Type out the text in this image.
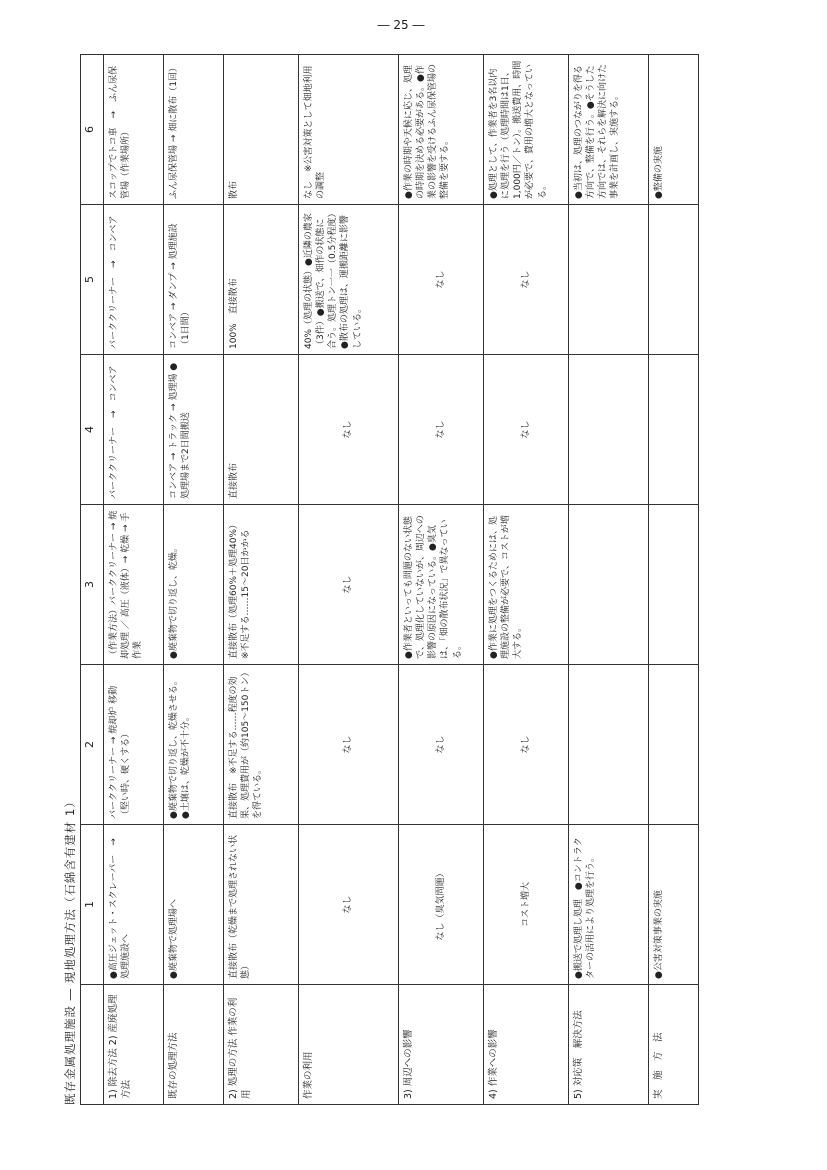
既存金属処理施設 ― 現地処理方法（石綿含有建材 1）
	1	2	3	4	5	6
1) 除去方法 2) 産廃処理方法	●高圧ジェット・スクレーパー　→　処理施設へ	バーククリーナー → 焼却炉 移動（堅い時、硬くする）	（作業方法）バーククリーナー → 焼却処理 ／ 高圧（液体）→ 乾燥 → 手作業	バーククリーナー　→　コンベア	バーククリーナー　→　コンベア	スコップでトコ車　→　ふん尿保管場（作業場所）
既存の処理方法	●廃棄物で処理場へ	●廃棄物で切り返し、乾燥させる。●土壌は、乾燥が不十分。	●廃棄物で切り返し、乾燥。	コンベア → トラック → 処理場 ●処理場まで2日間搬送	コンベア → ダンプ → 処理施設（1日間）	ふん尿保管場 → 畑に散布（1回）
2) 処理の方法 作業の利用	直接散布（乾燥まで処理されない状態）	直接散布　※不足する……程度の効果、処理費用が（約105～150トン）を得ている。	直接散布（処理60%＋処理40%）　※不足する……15～20日かかる	直接散布	100%　直接散布	散布
作業の利用	なし	なし	なし	なし	40%（処理の状態）●近隣の農家（3件）●搬送で、畑作の状態に合う。処理トン一一（0.5分程度）●散布の処理は、運搬距離に影響している。	なし　※公害対策として畑地利用の調整
3) 周辺への影響	なし（臭気問題）	なし	●作業者といっても問題のない状態で、処理化していないが、周辺への影響の原因になっている。●臭気は、「畑の散布状況」で異なっている。	なし	なし	●作業の時期や天候に応じ、処理の時期を決める必要がある。●作業の影響を受けるふん尿保管場の整備を要する。
4) 作業への影響	コスト増大	なし	●作業に処理をつくるためには、処理施設の整備が必要で、コストが増大する。	なし	なし	●処理として、作業者を3名以内に処理を行う（処理時間は1日、1,000円／トン）。搬送費用、時間が必要で、費用の増大となっている。
5) 対応策　解決方法	●搬送で処理し処理　●コントラクターの活用により処理を行う。					●当初は、処理のつながりを得る方向で、整備を行う。●そうした方向では、それらを解決に向けた事業を計画し、実施する。
実　施　方　法	●公害対策事業の実施					●整備の実施
― 25 ―
